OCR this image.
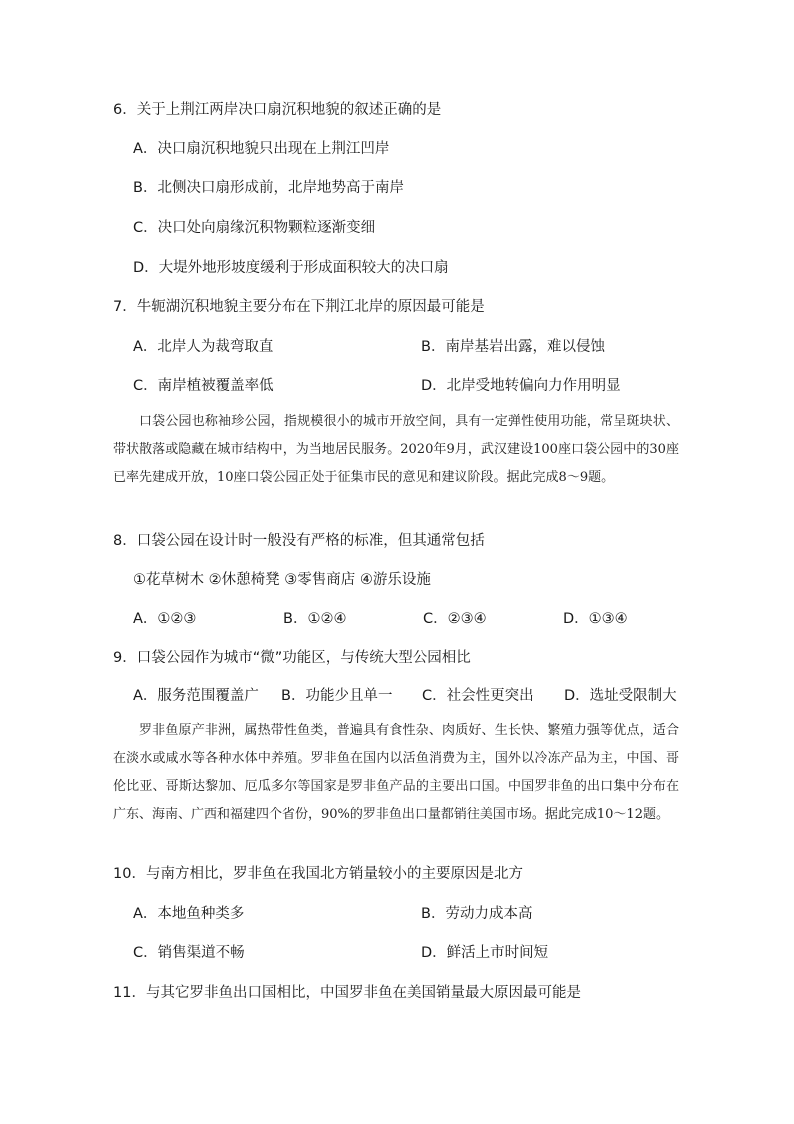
6．关于上荆江两岸决口扇沉积地貌的叙述正确的是
A．决口扇沉积地貌只出现在上荆江凹岸
B．北侧决口扇形成前，北岸地势高于南岸
C．决口处向扇缘沉积物颗粒逐渐变细
D．大堤外地形坡度缓利于形成面积较大的决口扇
7．牛轭湖沉积地貌主要分布在下荆江北岸的原因最可能是
A．北岸人为裁弯取直	B．南岸基岩出露，难以侵蚀
C．南岸植被覆盖率低	D．北岸受地转偏向力作用明显
口袋公园也称袖珍公园，指规模很小的城市开放空间，具有一定弹性使用功能，常呈斑块状、带状散落或隐藏在城市结构中，为当地居民服务。2020年9月，武汉建设100座口袋公园中的30座已率先建成开放，10座口袋公园正处于征集市民的意见和建议阶段。据此完成8～9题。
8．口袋公园在设计时一般没有严格的标准，但其通常包括
①花草树木 ②休憩椅凳 ③零售商店 ④游乐设施
A．①②③	B．①②④	C．②③④	D．①③④
9．口袋公园作为城市“微”功能区，与传统大型公园相比
A．服务范围覆盖广	B．功能少且单一	C．社会性更突出	D．选址受限制大
罗非鱼原产非洲，属热带性鱼类，普遍具有食性杂、肉质好、生长快、繁殖力强等优点，适合在淡水或咸水等各种水体中养殖。罗非鱼在国内以活鱼消费为主，国外以冷冻产品为主，中国、哥伦比亚、哥斯达黎加、厄瓜多尔等国家是罗非鱼产品的主要出口国。中国罗非鱼的出口集中分布在广东、海南、广西和福建四个省份，90%的罗非鱼出口量都销往美国市场。据此完成10～12题。
10．与南方相比，罗非鱼在我国北方销量较小的主要原因是北方
A．本地鱼种类多	B．劳动力成本高
C．销售渠道不畅	D．鲜活上市时间短
11．与其它罗非鱼出口国相比，中国罗非鱼在美国销量最大原因最可能是
